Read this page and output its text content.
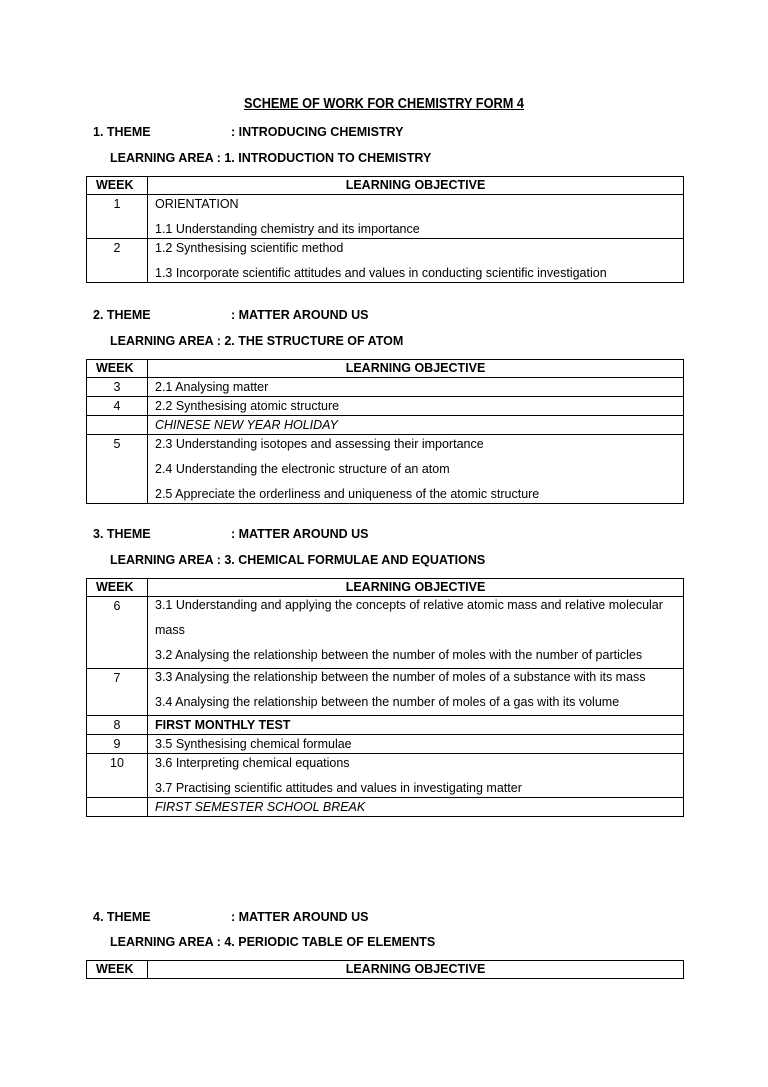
SCHEME OF WORK FOR CHEMISTRY FORM 4
1. THEME	: INTRODUCING CHEMISTRY
LEARNING AREA : 1. INTRODUCTION TO CHEMISTRY
WEEK	LEARNING OBJECTIVE
1	ORIENTATION
1.1 Understanding chemistry and its importance

2	1.2 Synthesising scientific method
1.3 Incorporate scientific attitudes and values in conducting scientific investigation
2. THEME	: MATTER AROUND US
LEARNING AREA : 2. THE STRUCTURE OF ATOM
WEEK	LEARNING OBJECTIVE
3	2.1 Analysing matter

4	2.2 Synthesising atomic structure

	CHINESE NEW YEAR HOLIDAY

5	2.3 Understanding isotopes and assessing their importance
2.4 Understanding the electronic structure of an atom
2.5 Appreciate the orderliness and uniqueness of the atomic structure
3. THEME	: MATTER AROUND US
LEARNING AREA : 3. CHEMICAL FORMULAE AND EQUATIONS
WEEK	LEARNING OBJECTIVE
6	3.1 Understanding and applying the concepts of relative atomic mass and relative molecular mass
3.2 Analysing the relationship between the number of moles with the number of particles

7	3.3 Analysing the relationship between the number of moles of a substance with its mass
3.4 Analysing the relationship between the number of moles of a gas with its volume

8	FIRST MONTHLY TEST

9	3.5 Synthesising chemical formulae

10	3.6 Interpreting chemical equations
3.7 Practising scientific attitudes and values in investigating matter

	FIRST SEMESTER SCHOOL BREAK
4. THEME	: MATTER AROUND US
LEARNING AREA : 4. PERIODIC TABLE OF ELEMENTS
WEEK	LEARNING OBJECTIVE
